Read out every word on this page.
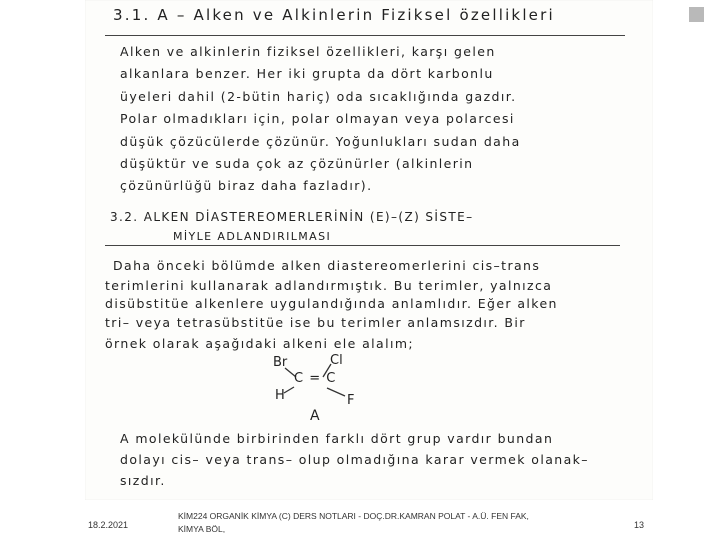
3.1. A – Alken ve Alkinlerin Fiziksel özellikleri
Alken ve alkinlerin fiziksel özellikleri, karşı gelen
alkanlara benzer. Her iki grupta da dört karbonlu
üyeleri dahil (2-bütin hariç) oda sıcaklığında gazdır.
Polar olmadıkları için, polar olmayan veya polarcesi
düşük çözücülerde çözünür. Yoğunlukları sudan daha
düşüktür ve suda çok az çözünürler (alkinlerin
çözünürlüğü biraz daha fazladır).
3.2. ALKEN DİASTEREOMERLERİNİN (E)–(Z) SİSTE–
MİYLE ADLANDIRILMASI
Daha önceki bölümde alken diastereomerlerini cis–trans
terimlerini kullanarak adlandırmıştık. Bu terimler, yalnızca
disübstitüe alkenlere uygulandığında anlamlıdır. Eğer alken
tri– veya tetrasübstitüe ise bu terimler anlamsızdır. Bir
örnek olarak aşağıdaki alkeni ele alalım;
Br	Cl
C = C
H	F
A
A molekülünde birbirinden farklı dört grup vardır bundan
dolayı cis– veya trans– olup olmadığına karar vermek olanak–
sızdır.
18.2.2021
KİM224 ORGANİK KİMYA (C) DERS NOTLARI - DOÇ.DR.KAMRAN POLAT - A.Ü. FEN FAK, KİMYA BÖL,	13
